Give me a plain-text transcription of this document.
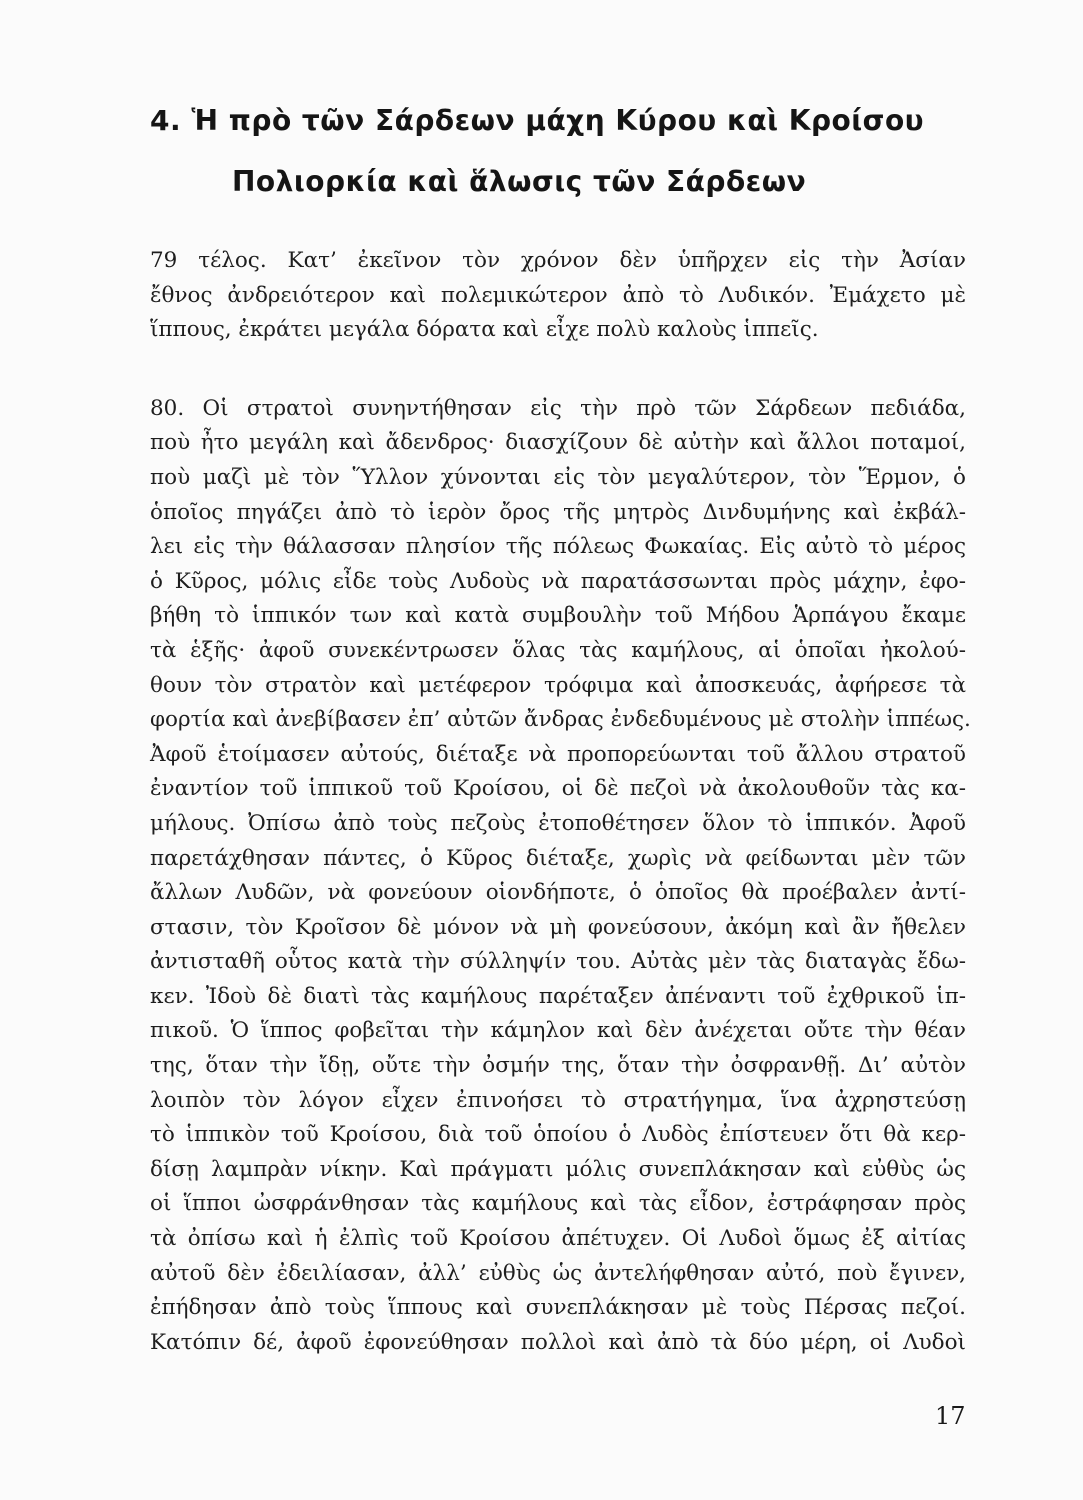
4. Ἡ πρὸ τῶν Σάρδεων μάχη Κύρου καὶ Κροίσου
Πολιορκία καὶ ἅλωσις τῶν Σάρδεων
79 τέλος. Κατ’ ἐκεῖνον τὸν χρόνον δὲν ὑπῆρχεν εἰς τὴν Ἀσίαν
ἔθνος ἀνδρειότερον καὶ πολεμικώτερον ἀπὸ τὸ Λυδικόν. Ἐμάχετο μὲ
ἵππους, ἐκράτει μεγάλα δόρατα καὶ εἶχε πολὺ καλοὺς ἱππεῖς.
80. Οἱ στρατοὶ συνηντήθησαν εἰς τὴν πρὸ τῶν Σάρδεων πεδιάδα,
ποὺ ἦτο μεγάλη καὶ ἄδενδρος· διασχίζουν δὲ αὐτὴν καὶ ἄλλοι ποταμοί,
ποὺ μαζὶ μὲ τὸν Ὕλλον χύνονται εἰς τὸν μεγαλύτερον, τὸν Ἕρμον, ὁ
ὁποῖος πηγάζει ἀπὸ τὸ ἱερὸν ὄρος τῆς μητρὸς Δινδυμήνης καὶ ἐκβάλ-
λει εἰς τὴν θάλασσαν πλησίον τῆς πόλεως Φωκαίας. Εἰς αὐτὸ τὸ μέρος
ὁ Κῦρος, μόλις εἶδε τοὺς Λυδοὺς νὰ παρατάσσωνται πρὸς μάχην, ἐφο-
βήθη τὸ ἱππικόν των καὶ κατὰ συμβουλὴν τοῦ Μήδου Ἁρπάγου ἔκαμε
τὰ ἑξῆς· ἀφοῦ συνεκέντρωσεν ὅλας τὰς καμήλους, αἱ ὁποῖαι ἠκολού-
θουν τὸν στρατὸν καὶ μετέφερον τρόφιμα καὶ ἀποσκευάς, ἀφήρεσε τὰ
φορτία καὶ ἀνεβίβασεν ἐπ’ αὐτῶν ἄνδρας ἐνδεδυμένους μὲ στολὴν ἱππέως.
Ἀφοῦ ἑτοίμασεν αὐτούς, διέταξε νὰ προπορεύωνται τοῦ ἄλλου στρατοῦ
ἐναντίον τοῦ ἱππικοῦ τοῦ Κροίσου, οἱ δὲ πεζοὶ νὰ ἀκολουθοῦν τὰς κα-
μήλους. Ὀπίσω ἀπὸ τοὺς πεζοὺς ἐτοποθέτησεν ὅλον τὸ ἱππικόν. Ἀφοῦ
παρετάχθησαν πάντες, ὁ Κῦρος διέταξε, χωρὶς νὰ φείδωνται μὲν τῶν
ἄλλων Λυδῶν, νὰ φονεύουν οἱονδήποτε, ὁ ὁποῖος θὰ προέβαλεν ἀντί-
στασιν, τὸν Κροῖσον δὲ μόνον νὰ μὴ φονεύσουν, ἀκόμη καὶ ἂν ἤθελεν
ἀντισταθῆ οὗτος κατὰ τὴν σύλληψίν του. Αὐτὰς μὲν τὰς διαταγὰς ἔδω-
κεν. Ἰδοὺ δὲ διατὶ τὰς καμήλους παρέταξεν ἀπέναντι τοῦ ἐχθρικοῦ ἱπ-
πικοῦ. Ὁ ἵππος φοβεῖται τὴν κάμηλον καὶ δὲν ἀνέχεται οὔτε τὴν θέαν
της, ὅταν τὴν ἴδῃ, οὔτε τὴν ὀσμήν της, ὅταν τὴν ὀσφρανθῇ. Δι’ αὐτὸν
λοιπὸν τὸν λόγον εἶχεν ἐπινοήσει τὸ στρατήγημα, ἵνα ἀχρηστεύσῃ
τὸ ἱππικὸν τοῦ Κροίσου, διὰ τοῦ ὁποίου ὁ Λυδὸς ἐπίστευεν ὅτι θὰ κερ-
δίσῃ λαμπρὰν νίκην. Καὶ πράγματι μόλις συνεπλάκησαν καὶ εὐθὺς ὡς
οἱ ἵπποι ὠσφράνθησαν τὰς καμήλους καὶ τὰς εἶδον, ἐστράφησαν πρὸς
τὰ ὀπίσω καὶ ἡ ἐλπὶς τοῦ Κροίσου ἀπέτυχεν. Οἱ Λυδοὶ ὅμως ἐξ αἰτίας
αὐτοῦ δὲν ἐδειλίασαν, ἀλλ’ εὐθὺς ὡς ἀντελήφθησαν αὐτό, ποὺ ἔγινεν,
ἐπήδησαν ἀπὸ τοὺς ἵππους καὶ συνεπλάκησαν μὲ τοὺς Πέρσας πεζοί.
Κατόπιν δέ, ἀφοῦ ἐφονεύθησαν πολλοὶ καὶ ἀπὸ τὰ δύο μέρη, οἱ Λυδοὶ
17
